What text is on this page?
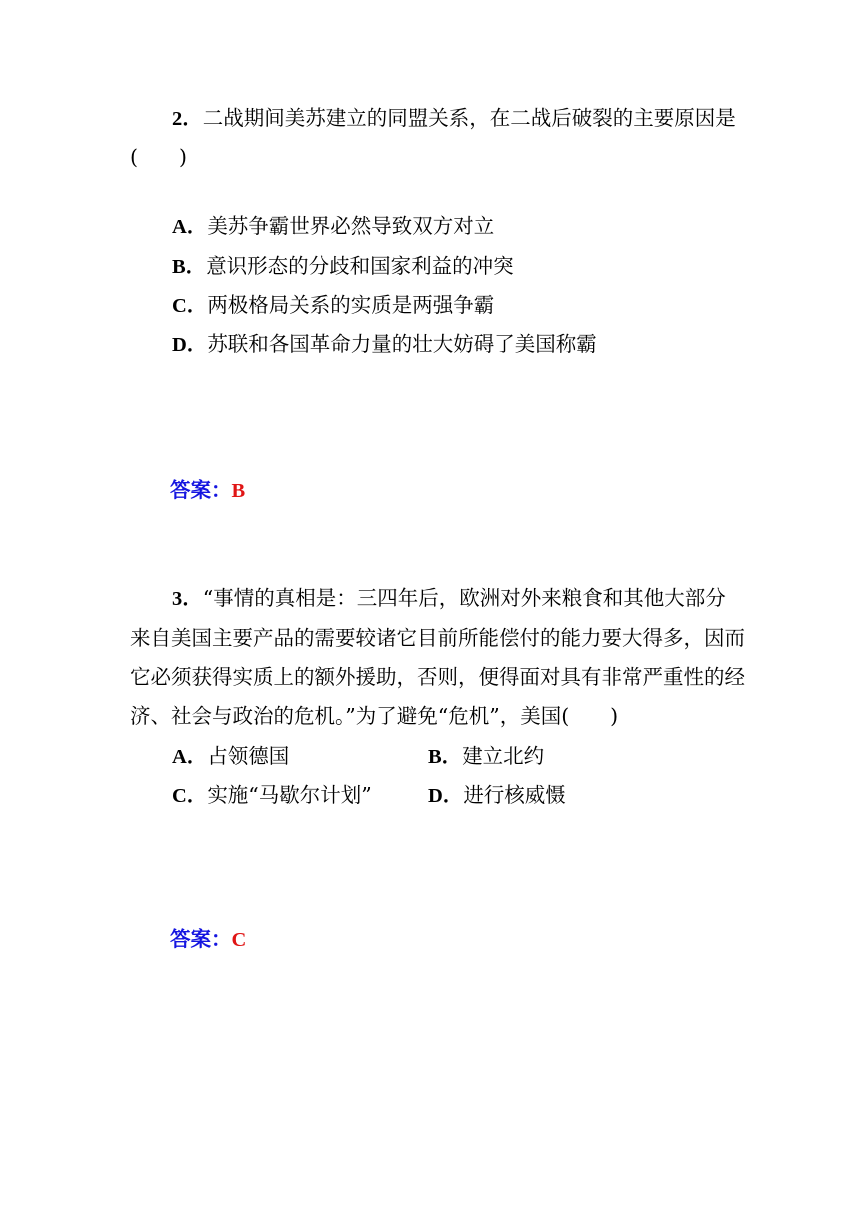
2．二战期间美苏建立的同盟关系，在二战后破裂的主要原因是
(　　)
A．美苏争霸世界必然导致双方对立
B．意识形态的分歧和国家利益的冲突
C．两极格局关系的实质是两强争霸
D．苏联和各国革命力量的壮大妨碍了美国称霸
答案：B
3．“事情的真相是：三四年后，欧洲对外来粮食和其他大部分
来自美国主要产品的需要较诸它目前所能偿付的能力要大得多，因而
它必须获得实质上的额外援助，否则，便得面对具有非常严重性的经
济、社会与政治的危机。”为了避免“危机”，美国(　　)
A．占领德国	B．建立北约
C．实施“马歇尔计划”	D．进行核威慑
答案：C
